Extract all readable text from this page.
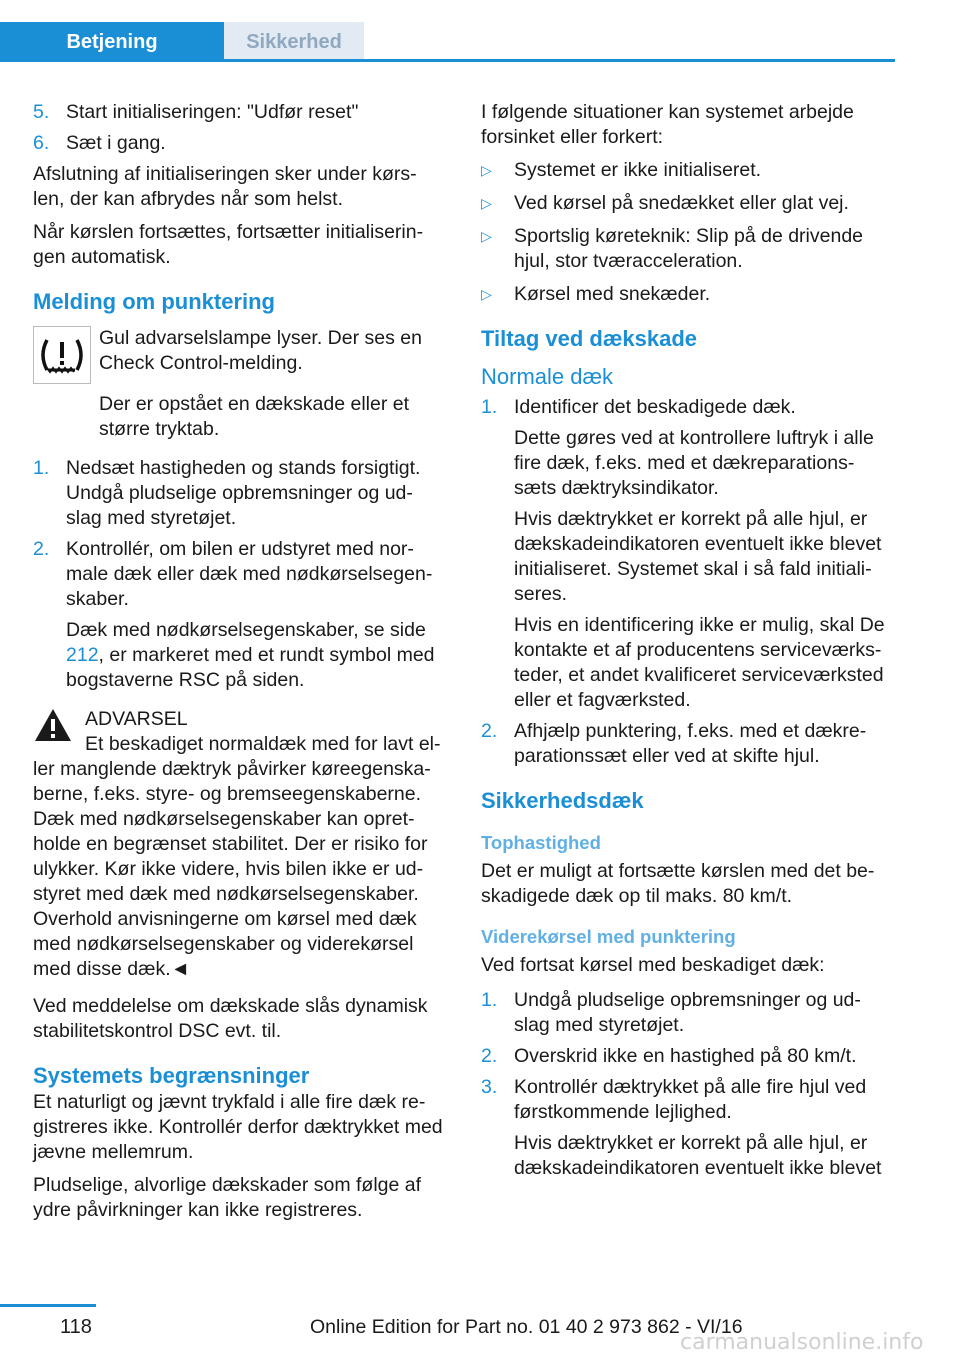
Betjening	Sikkerhed
5. Start initialiseringen: "Udfør reset"
6. Sæt i gang.

Afslutning af initialiseringen sker under kørs-len, der kan afbrydes når som helst.

Når kørslen fortsættes, fortsætter initialiserin-gen automatisk.

Melding om punktering

Gul advarselslampe lyser. Der ses en Check Control-melding.

Der er opstået en dækskade eller et større tryktab.

1. Nedsæt hastigheden og stands forsigtigt. Undgå pludselige opbremsninger og ud-slag med styretøjet.
2. Kontrollér, om bilen er udstyret med nor-male dæk eller dæk med nødkørselsegen-skaber.
Dæk med nødkørselsegenskaber, se side 212, er markeret med et rundt symbol med bogstaverne RSC på siden.
ADVARSEL
Et beskadiget normaldæk med for lavt el-

ler manglende dæktryk påvirker køreegenska-berne, f.eks. styre- og bremseegenskaberne. Dæk med nødkørselsegenskaber kan opret-holde en begrænset stabilitet. Der er risiko for ulykker. Kør ikke videre, hvis bilen ikke er ud-styret med dæk med nødkørselsegenskaber. Overhold anvisningerne om kørsel med dæk med nødkørselsegenskaber og viderekørsel med disse dæk.◄

Ved meddelelse om dækskade slås dynamisk stabilitetskontrol DSC evt. til.

Systemets begrænsninger

Et naturligt og jævnt trykfald i alle fire dæk re-gistreres ikke. Kontrollér derfor dæktrykket med jævne mellemrum.

Pludselige, alvorlige dækskader som følge af ydre påvirkninger kan ikke registreres.

I følgende situationer kan systemet arbejde forsinket eller forkert:

▷	Systemet er ikke initialiseret.
▷	Ved kørsel på snedækket eller glat vej.
▷	Sportslig køreteknik: Slip på de drivende hjul, stor tværacceleration.
▷	Kørsel med snekæder.
Tiltag ved dækskade
Normale dæk
1. Identificer det beskadigede dæk.
Dette gøres ved at kontrollere luftryk i alle fire dæk, f.eks. med et dækreparations-sæts dæktryksindikator.
Hvis dæktrykket er korrekt på alle hjul, er dækskadeindikatoren eventuelt ikke blevet initialiseret. Systemet skal i så fald initiali-seres.
Hvis en identificering ikke er mulig, skal De kontakte et af producentens serviceværks-teder, et andet kvalificeret serviceværksted eller et fagværksted.
2. Afhjælp punktering, f.eks. med et dækre-parationssæt eller ved at skifte hjul.
Sikkerhedsdæk
Tophastighed

Det er muligt at fortsætte kørslen med det be-skadigede dæk op til maks. 80 km/t.

Viderekørsel med punktering

Ved fortsat kørsel med beskadiget dæk:

1. Undgå pludselige opbremsninger og ud-slag med styretøjet.
2. Overskrid ikke en hastighed på 80 km/t.
3. Kontrollér dæktrykket på alle fire hjul ved førstkommende lejlighed.
Hvis dæktrykket er korrekt på alle hjul, er dækskadeindikatoren eventuelt ikke blevet
118	Online Edition for Part no. 01 40 2 973 862 - VI/16
carmanualsonline.info
